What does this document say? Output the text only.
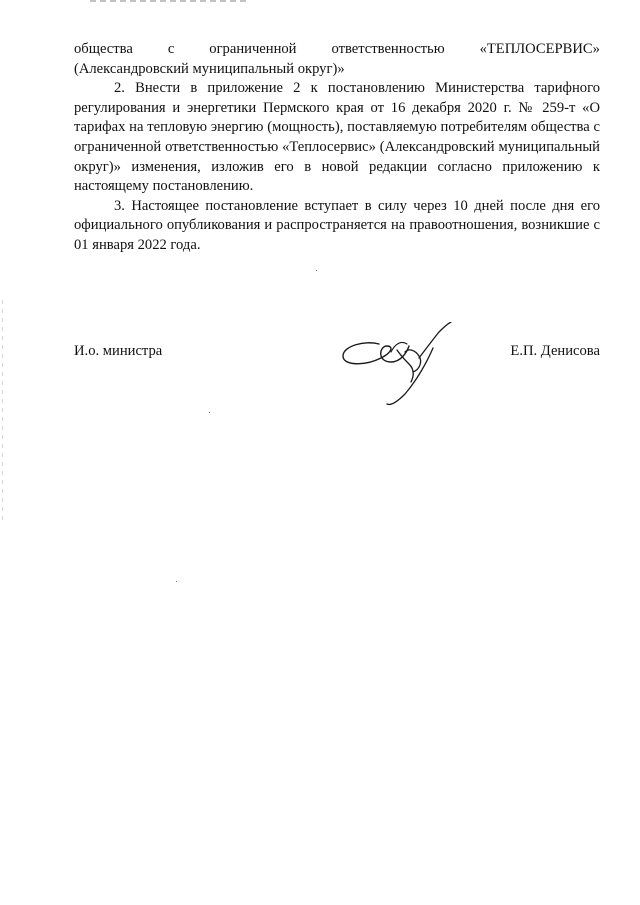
общества с ограниченной ответственностью «ТЕПЛОСЕРВИС»
(Александровский муниципальный округ)»

2. Внести в приложение 2 к постановлению Министерства тарифного регулирования и энергетики Пермского края от 16 декабря 2020 г. № 259-т «О тарифах на тепловую энергию (мощность), поставляемую потребителям общества с ограниченной ответственностью «Теплосервис» (Александровский муниципальный округ)» изменения, изложив его в новой редакции согласно приложению к настоящему постановлению.

3. Настоящее постановление вступает в силу через 10 дней после дня его официального опубликования и распространяется на правоотношения, возникшие с 01 января 2022 года.

И.о. министра	Е.П. Денисова
